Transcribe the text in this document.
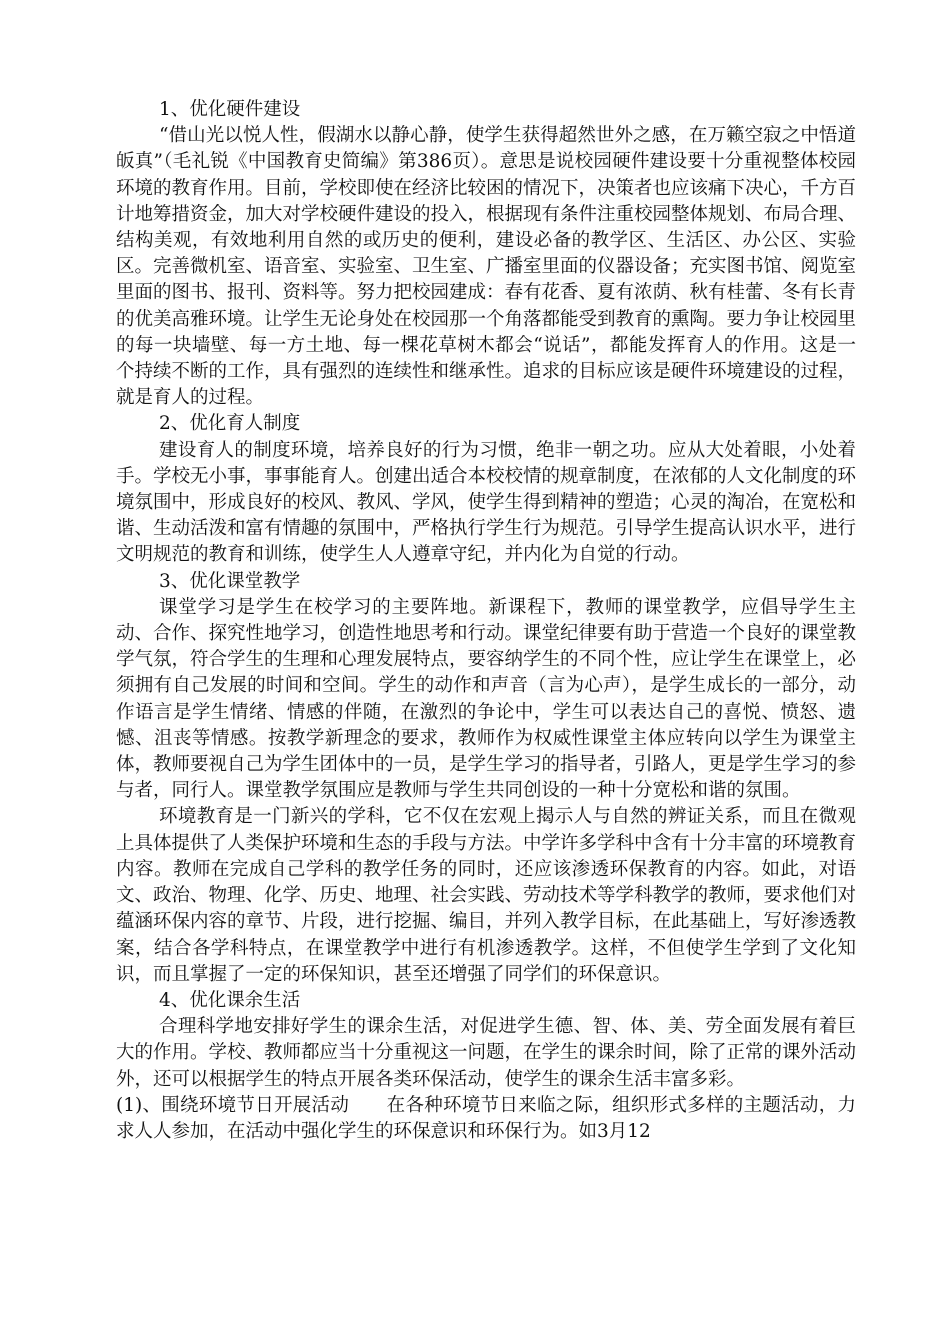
1、优化硬件建设

“借山光以悦人性，假湖水以静心静，使学生获得超然世外之感，在万籁空寂之中悟道皈真”（毛礼锐《中国教育史简编》第386页）。意思是说校园硬件建设要十分重视整体校园环境的教育作用。目前，学校即使在经济比较困的情况下，决策者也应该痛下决心，千方百计地筹措资金，加大对学校硬件建设的投入，根据现有条件注重校园整体规划、布局合理、结构美观，有效地利用自然的或历史的便利，建设必备的教学区、生活区、办公区、实验区。完善微机室、语音室、实验室、卫生室、广播室里面的仪器设备；充实图书馆、阅览室里面的图书、报刊、资料等。努力把校园建成：春有花香、夏有浓荫、秋有桂蕾、冬有长青的优美高雅环境。让学生无论身处在校园那一个角落都能受到教育的熏陶。要力争让校园里的每一块墙壁、每一方土地、每一棵花草树木都会“说话”，都能发挥育人的作用。这是一个持续不断的工作，具有强烈的连续性和继承性。追求的目标应该是硬件环境建设的过程，就是育人的过程。

2、优化育人制度

建设育人的制度环境，培养良好的行为习惯，绝非一朝之功。应从大处着眼，小处着手。学校无小事，事事能育人。创建出适合本校校情的规章制度，在浓郁的人文化制度的环境氛围中，形成良好的校风、教风、学风，使学生得到精神的塑造；心灵的淘冶，在宽松和谐、生动活泼和富有情趣的氛围中，严格执行学生行为规范。引导学生提高认识水平，进行文明规范的教育和训练，使学生人人遵章守纪，并内化为自觉的行动。

3、优化课堂教学

课堂学习是学生在校学习的主要阵地。新课程下，教师的课堂教学，应倡导学生主动、合作、探究性地学习，创造性地思考和行动。课堂纪律要有助于营造一个良好的课堂教学气氛，符合学生的生理和心理发展特点，要容纳学生的不同个性，应让学生在课堂上，必须拥有自己发展的时间和空间。学生的动作和声音（言为心声），是学生成长的一部分，动作语言是学生情绪、情感的伴随，在激烈的争论中，学生可以表达自己的喜悦、愤怒、遗憾、沮丧等情感。按教学新理念的要求，教师作为权威性课堂主体应转向以学生为课堂主体，教师要视自己为学生团体中的一员，是学生学习的指导者，引路人，更是学生学习的参与者，同行人。课堂教学氛围应是教师与学生共同创设的一种十分宽松和谐的氛围。

环境教育是一门新兴的学科，它不仅在宏观上揭示人与自然的辨证关系，而且在微观上具体提供了人类保护环境和生态的手段与方法。中学许多学科中含有十分丰富的环境教育内容。教师在完成自己学科的教学任务的同时，还应该渗透环保教育的内容。如此，对语文、政治、物理、化学、历史、地理、社会实践、劳动技术等学科教学的教师，要求他们对蕴涵环保内容的章节、片段，进行挖掘、编目，并列入教学目标，在此基础上，写好渗透教案，结合各学科特点，在课堂教学中进行有机渗透教学。这样，不但使学生学到了文化知识，而且掌握了一定的环保知识，甚至还增强了同学们的环保意识。

4、优化课余生活

合理科学地安排好学生的课余生活，对促进学生德、智、体、美、劳全面发展有着巨大的作用。学校、教师都应当十分重视这一问题，在学生的课余时间，除了正常的课外活动外，还可以根据学生的特点开展各类环保活动，使学生的课余生活丰富多彩。

(1)、围绕环境节日开展活动　　在各种环境节日来临之际，组织形式多样的主题活动，力求人人参加，在活动中强化学生的环保意识和环保行为。如3月12
